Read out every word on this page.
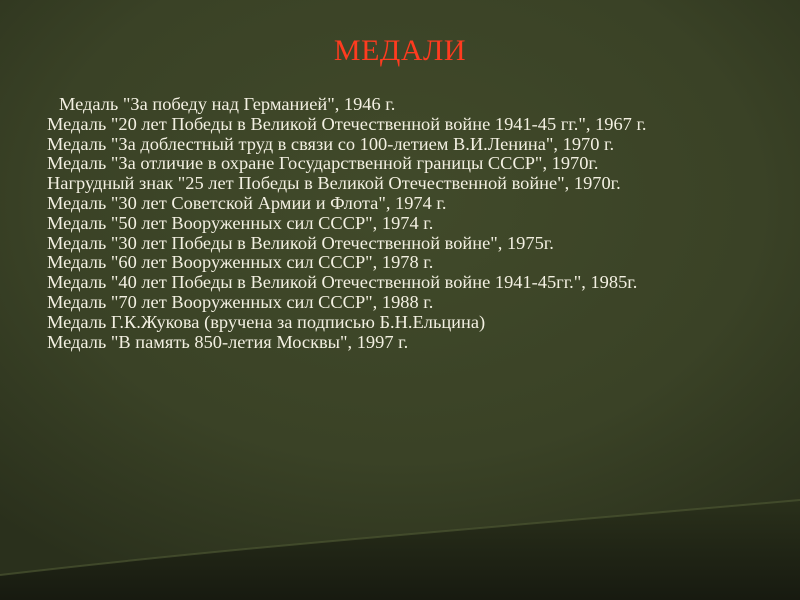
МЕДАЛИ
Медаль "За победу над Германией", 1946 г.
Медаль "20 лет Победы в Великой Отечественной войне 1941-45 гг.", 1967 г.
Медаль "За доблестный труд в связи со 100-летием В.И.Ленина", 1970 г.
Медаль "За отличие в охране Государственной границы СССР", 1970г.
Нагрудный знак "25 лет Победы в Великой Отечественной войне", 1970г.
Медаль "30 лет Советской Армии и Флота", 1974 г.
Медаль "50 лет Вооруженных сил СССР", 1974 г.
Медаль "30 лет Победы в Великой Отечественной войне", 1975г.
Медаль "60 лет Вооруженных сил СССР", 1978 г.
Медаль "40 лет Победы в Великой Отечественной войне 1941-45гг.", 1985г.
Медаль "70 лет Вооруженных сил СССР", 1988 г.
Медаль Г.К.Жукова (вручена за подписью Б.Н.Ельцина)
Медаль "В память 850-летия Москвы", 1997 г.
